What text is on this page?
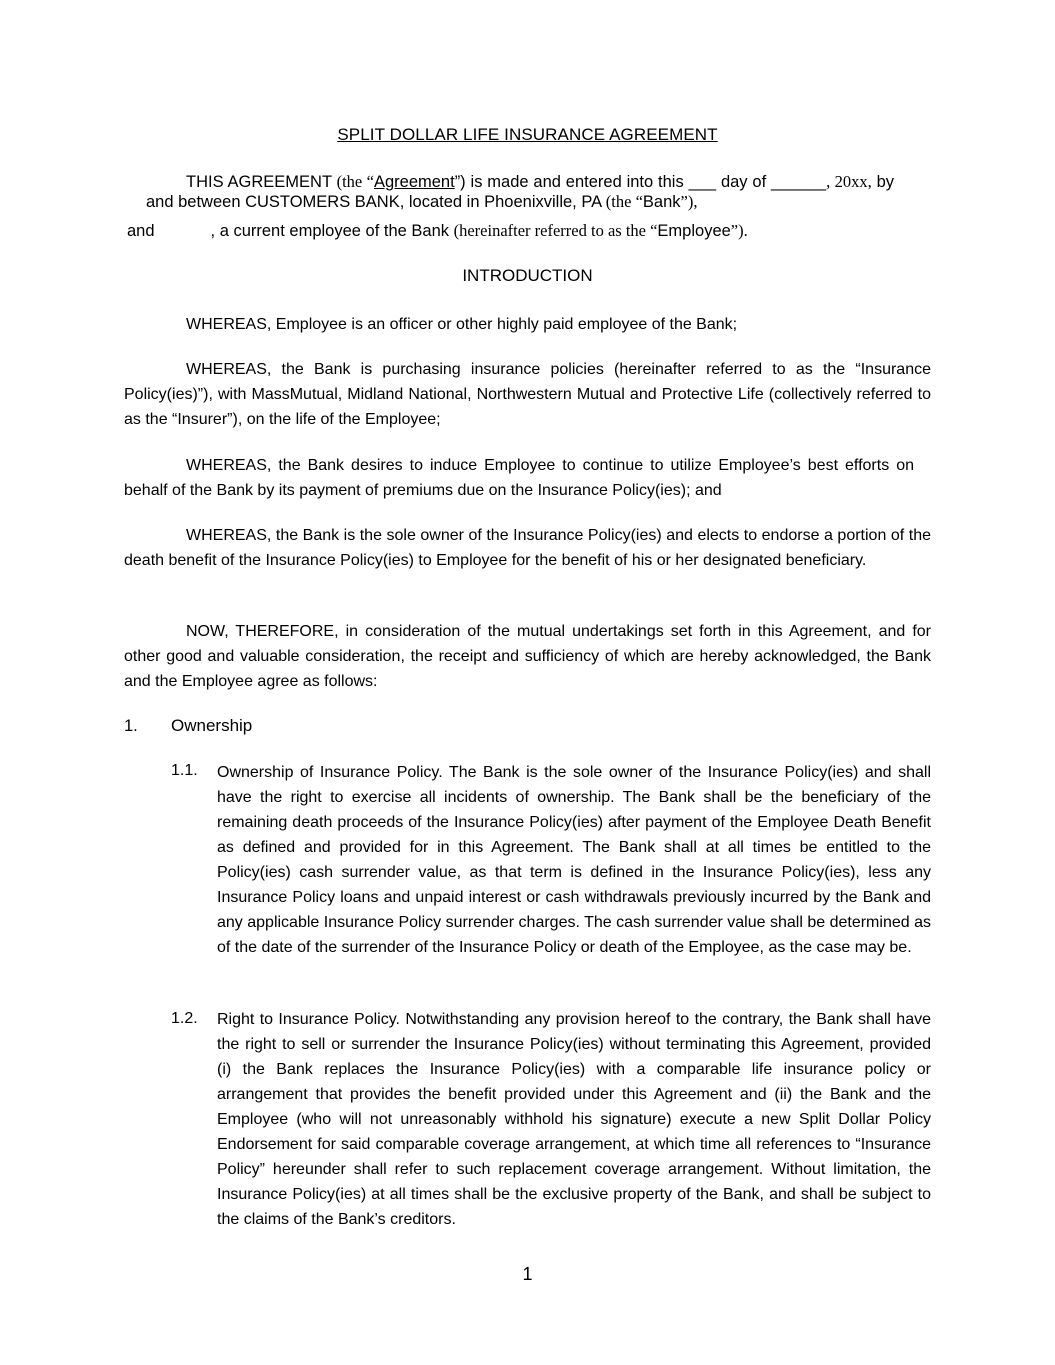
SPLIT DOLLAR LIFE INSURANCE AGREEMENT
THIS AGREEMENT (the “Agreement”) is made and entered into this ___ day of ______, 20xx, by and between CUSTOMERS BANK, located in Phoenixville, PA (the “Bank”),
and	, a current employee of the Bank (hereinafter referred to as the “Employee”).
INTRODUCTION
WHEREAS, Employee is an officer or other highly paid employee of the Bank;
WHEREAS, the Bank is purchasing insurance policies (hereinafter referred to as the “Insurance Policy(ies)”), with MassMutual, Midland National, Northwestern Mutual and Protective Life (collectively referred to as the “Insurer”), on the life of the Employee;
WHEREAS, the Bank desires to induce Employee to continue to utilize Employee’s best efforts on behalf of the Bank by its payment of premiums due on the Insurance Policy(ies); and
WHEREAS, the Bank is the sole owner of the Insurance Policy(ies) and elects to endorse a portion of the death benefit of the Insurance Policy(ies) to Employee for the benefit of his or her designated beneficiary.
NOW, THEREFORE, in consideration of the mutual undertakings set forth in this Agreement, and for other good and valuable consideration, the receipt and sufficiency of which are hereby acknowledged, the Bank and the Employee agree as follows:
1. Ownership
1.1. Ownership of Insurance Policy. The Bank is the sole owner of the Insurance Policy(ies) and shall have the right to exercise all incidents of ownership. The Bank shall be the beneficiary of the remaining death proceeds of the Insurance Policy(ies) after payment of the Employee Death Benefit as defined and provided for in this Agreement. The Bank shall at all times be entitled to the Policy(ies) cash surrender value, as that term is defined in the Insurance Policy(ies), less any Insurance Policy loans and unpaid interest or cash withdrawals previously incurred by the Bank and any applicable Insurance Policy surrender charges. The cash surrender value shall be determined as of the date of the surrender of the Insurance Policy or death of the Employee, as the case may be.
1.2. Right to Insurance Policy. Notwithstanding any provision hereof to the contrary, the Bank shall have the right to sell or surrender the Insurance Policy(ies) without terminating this Agreement, provided (i) the Bank replaces the Insurance Policy(ies) with a comparable life insurance policy or arrangement that provides the benefit provided under this Agreement and (ii) the Bank and the Employee (who will not unreasonably withhold his signature) execute a new Split Dollar Policy Endorsement for said comparable coverage arrangement, at which time all references to “Insurance Policy” hereunder shall refer to such replacement coverage arrangement. Without limitation, the Insurance Policy(ies) at all times shall be the exclusive property of the Bank, and shall be subject to the claims of the Bank’s creditors.
1
